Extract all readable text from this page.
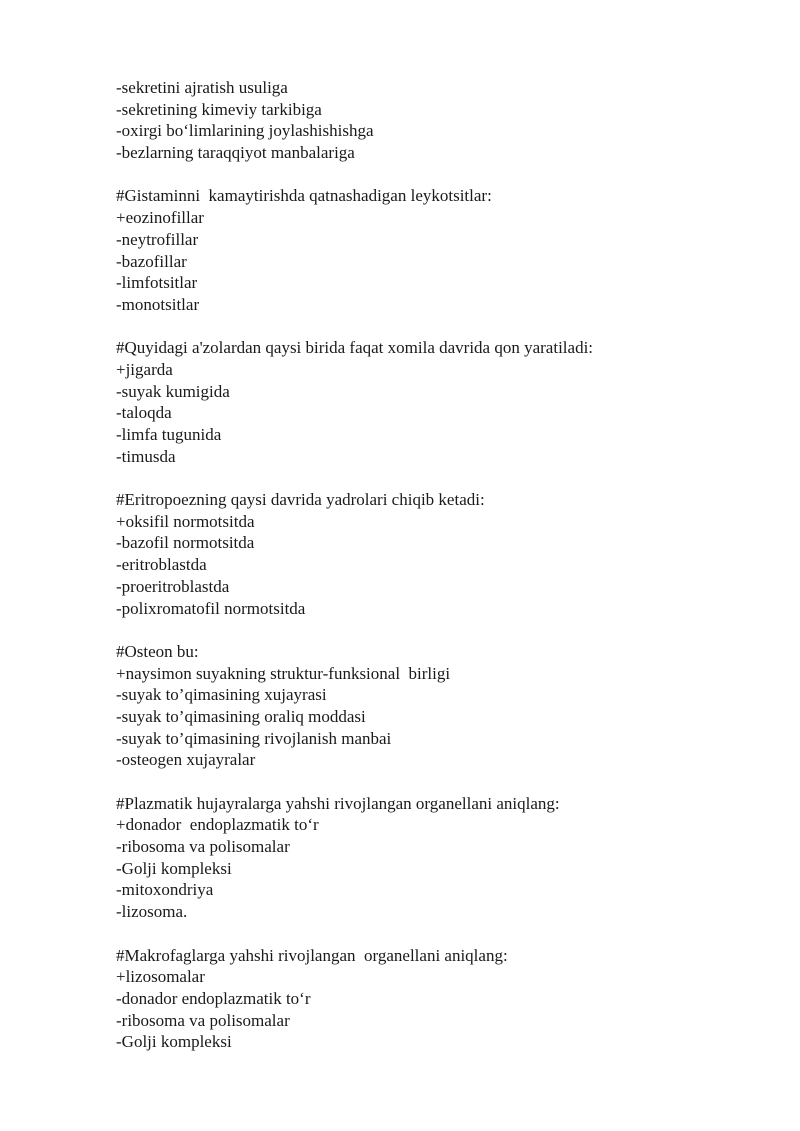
-sekretini ajratish usuliga
-sekretining kimeviy tarkibiga
-oxirgi bo‘limlarining joylashishishga
-bezlarning taraqqiyot manbalariga
#Gistaminni  kamaytirishda qatnashadigan leykotsitlar:
+eozinofillar
-neytrofillar
-bazofillar
-limfotsitlar
-monotsitlar
#Quyidagi a'zolardan qaysi birida faqat xomila davrida qon yaratiladi:
+jigarda
-suyak kumigida
-taloqda
-limfa tugunida
-timusda
#Eritropoezning qaysi davrida yadrolari chiqib ketadi:
+oksifil normotsitda
-bazofil normotsitda
-eritroblastda
-proeritroblastda
-polixromatofil normotsitda
#Osteon bu:
+naysimon suyakning struktur-funksional  birligi
-suyak to’qimasining xujayrasi
-suyak to’qimasining oraliq moddasi
-suyak to’qimasining rivojlanish manbai
-osteogen xujayralar
#Plazmatik hujayralarga yahshi rivojlangan organellani aniqlang:
+donador  endoplazmatik to‘r
-ribosoma va polisomalar
-Golji kompleksi
-mitoxondriya
-lizosoma.
#Makrofaglarga yahshi rivojlangan  organellani aniqlang:
+lizosomalar
-donador endoplazmatik to‘r
-ribosoma va polisomalar
-Golji kompleksi
